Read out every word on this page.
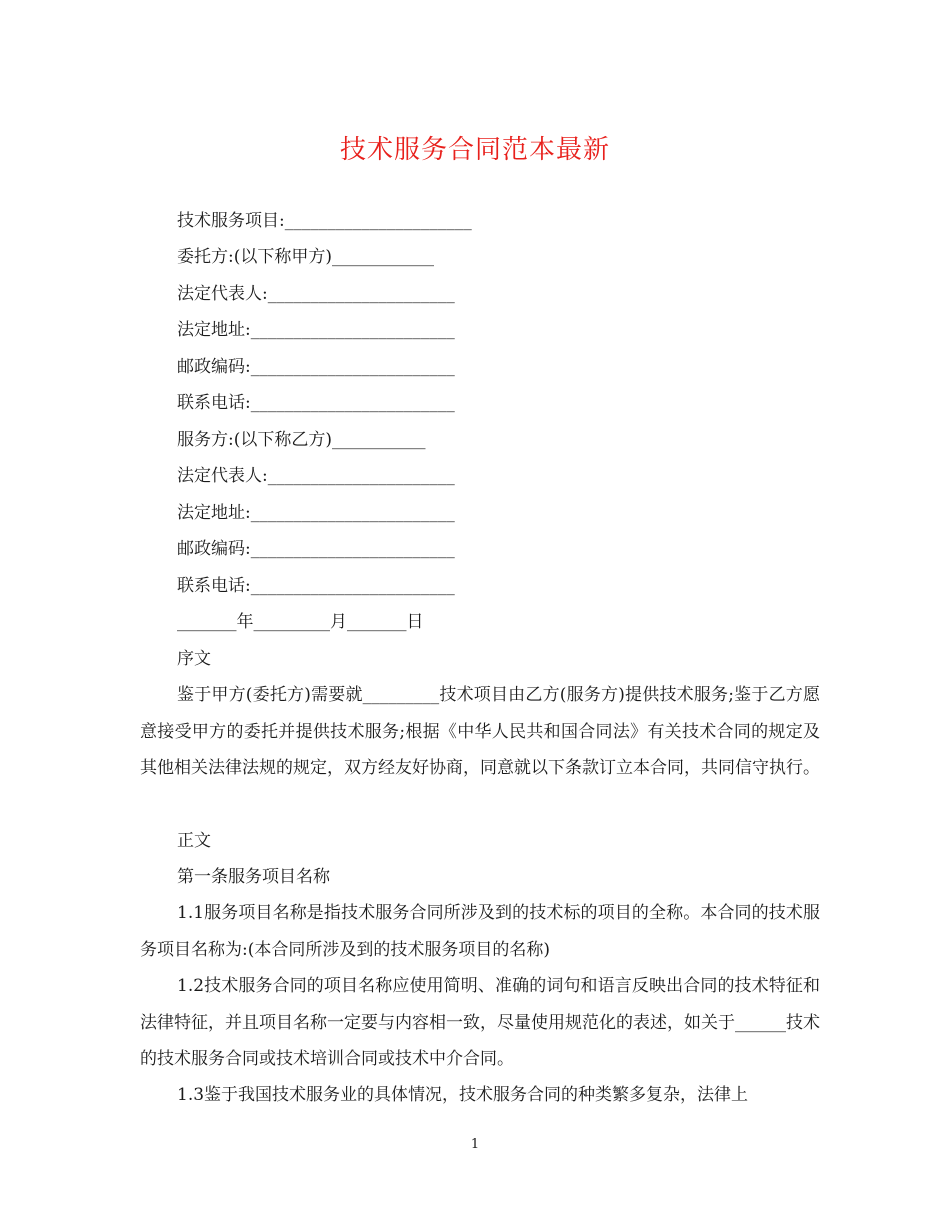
技术服务合同范本最新
技术服务项目:______________________
委托方:(以下称甲方)____________
法定代表人:______________________
法定地址:________________________
邮政编码:________________________
联系电话:________________________
服务方:(以下称乙方)___________
法定代表人:______________________
法定地址:________________________
邮政编码:________________________
联系电话:________________________
_______年_________月_______日
序文
鉴于甲方(委托方)需要就_________技术项目由乙方(服务方)提供技术服务;鉴于乙方愿意接受甲方的委托并提供技术服务;根据《中华人民共和国合同法》有关技术合同的规定及其他相关法律法规的规定，双方经友好协商，同意就以下条款订立本合同，共同信守执行。
正文
第一条服务项目名称
1.1服务项目名称是指技术服务合同所涉及到的技术标的项目的全称。本合同的技术服务项目名称为:(本合同所涉及到的技术服务项目的名称)
1.2技术服务合同的项目名称应使用简明、准确的词句和语言反映出合同的技术特征和法律特征，并且项目名称一定要与内容相一致，尽量使用规范化的表述，如关于______技术的技术服务合同或技术培训合同或技术中介合同。
1.3鉴于我国技术服务业的具体情况，技术服务合同的种类繁多复杂，法律上
1
